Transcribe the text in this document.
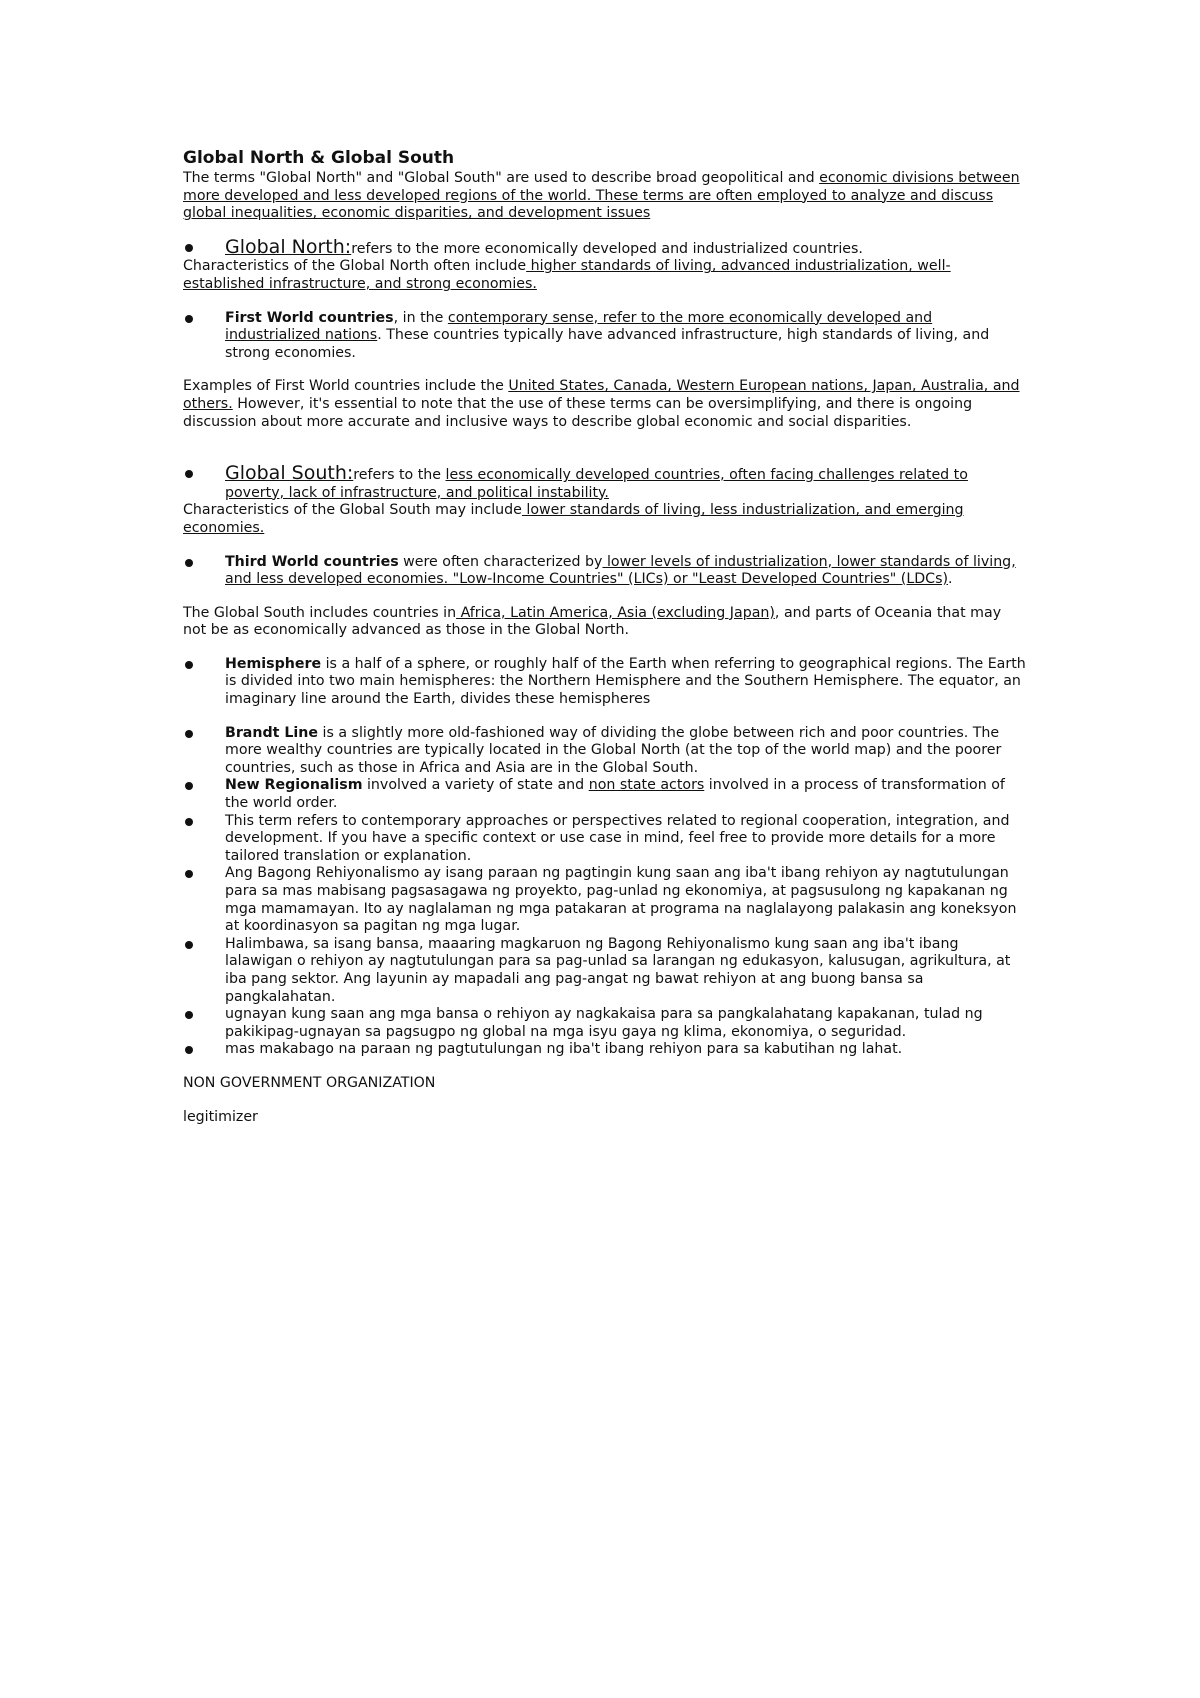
Global North & Global South

The terms "Global North" and "Global South" are used to describe broad geopolitical and economic divisions between more developed and less developed regions of the world. These terms are often employed to analyze and discuss global inequalities, economic disparities, and development issues

Global North:refers to the more economically developed and industrialized countries.

Characteristics of the Global North often include higher standards of living, advanced industrialization, well-established infrastructure, and strong economies.

First World countries, in the contemporary sense, refer to the more economically developed and industrialized nations. These countries typically have advanced infrastructure, high standards of living, and strong economies.

Examples of First World countries include the United States, Canada, Western European nations, Japan, Australia, and others. However, it's essential to note that the use of these terms can be oversimplifying, and there is ongoing discussion about more accurate and inclusive ways to describe global economic and social disparities.

Global South:refers to the less economically developed countries, often facing challenges related to poverty, lack of infrastructure, and political instability.

Characteristics of the Global South may include lower standards of living, less industrialization, and emerging economies.

Third World countries were often characterized by lower levels of industrialization, lower standards of living, and less developed economies. "Low-Income Countries" (LICs) or "Least Developed Countries" (LDCs).

The Global South includes countries in Africa, Latin America, Asia (excluding Japan), and parts of Oceania that may not be as economically advanced as those in the Global North.

Hemisphere is a half of a sphere, or roughly half of the Earth when referring to geographical regions. The Earth is divided into two main hemispheres: the Northern Hemisphere and the Southern Hemisphere. The equator, an imaginary line around the Earth, divides these hemispheres

Brandt Line is a slightly more old-fashioned way of dividing the globe between rich and poor countries. The more wealthy countries are typically located in the Global North (at the top of the world map) and the poorer countries, such as those in Africa and Asia are in the Global South.

New Regionalism involved a variety of state and non state actors involved in a process of transformation of the world order.

This term refers to contemporary approaches or perspectives related to regional cooperation, integration, and development. If you have a specific context or use case in mind, feel free to provide more details for a more tailored translation or explanation.

Ang Bagong Rehiyonalismo ay isang paraan ng pagtingin kung saan ang iba't ibang rehiyon ay nagtutulungan para sa mas mabisang pagsasagawa ng proyekto, pag-unlad ng ekonomiya, at pagsusulong ng kapakanan ng mga mamamayan. Ito ay naglalaman ng mga patakaran at programa na naglalayong palakasin ang koneksyon at koordinasyon sa pagitan ng mga lugar.

Halimbawa, sa isang bansa, maaaring magkaruon ng Bagong Rehiyonalismo kung saan ang iba't ibang lalawigan o rehiyon ay nagtutulungan para sa pag-unlad sa larangan ng edukasyon, kalusugan, agrikultura, at iba pang sektor. Ang layunin ay mapadali ang pag-angat ng bawat rehiyon at ang buong bansa sa pangkalahatan.

ugnayan kung saan ang mga bansa o rehiyon ay nagkakaisa para sa pangkalahatang kapakanan, tulad ng pakikipag-ugnayan sa pagsugpo ng global na mga isyu gaya ng klima, ekonomiya, o seguridad.

mas makabago na paraan ng pagtutulungan ng iba't ibang rehiyon para sa kabutihan ng lahat.

NON GOVERNMENT ORGANIZATION

legitimizer
